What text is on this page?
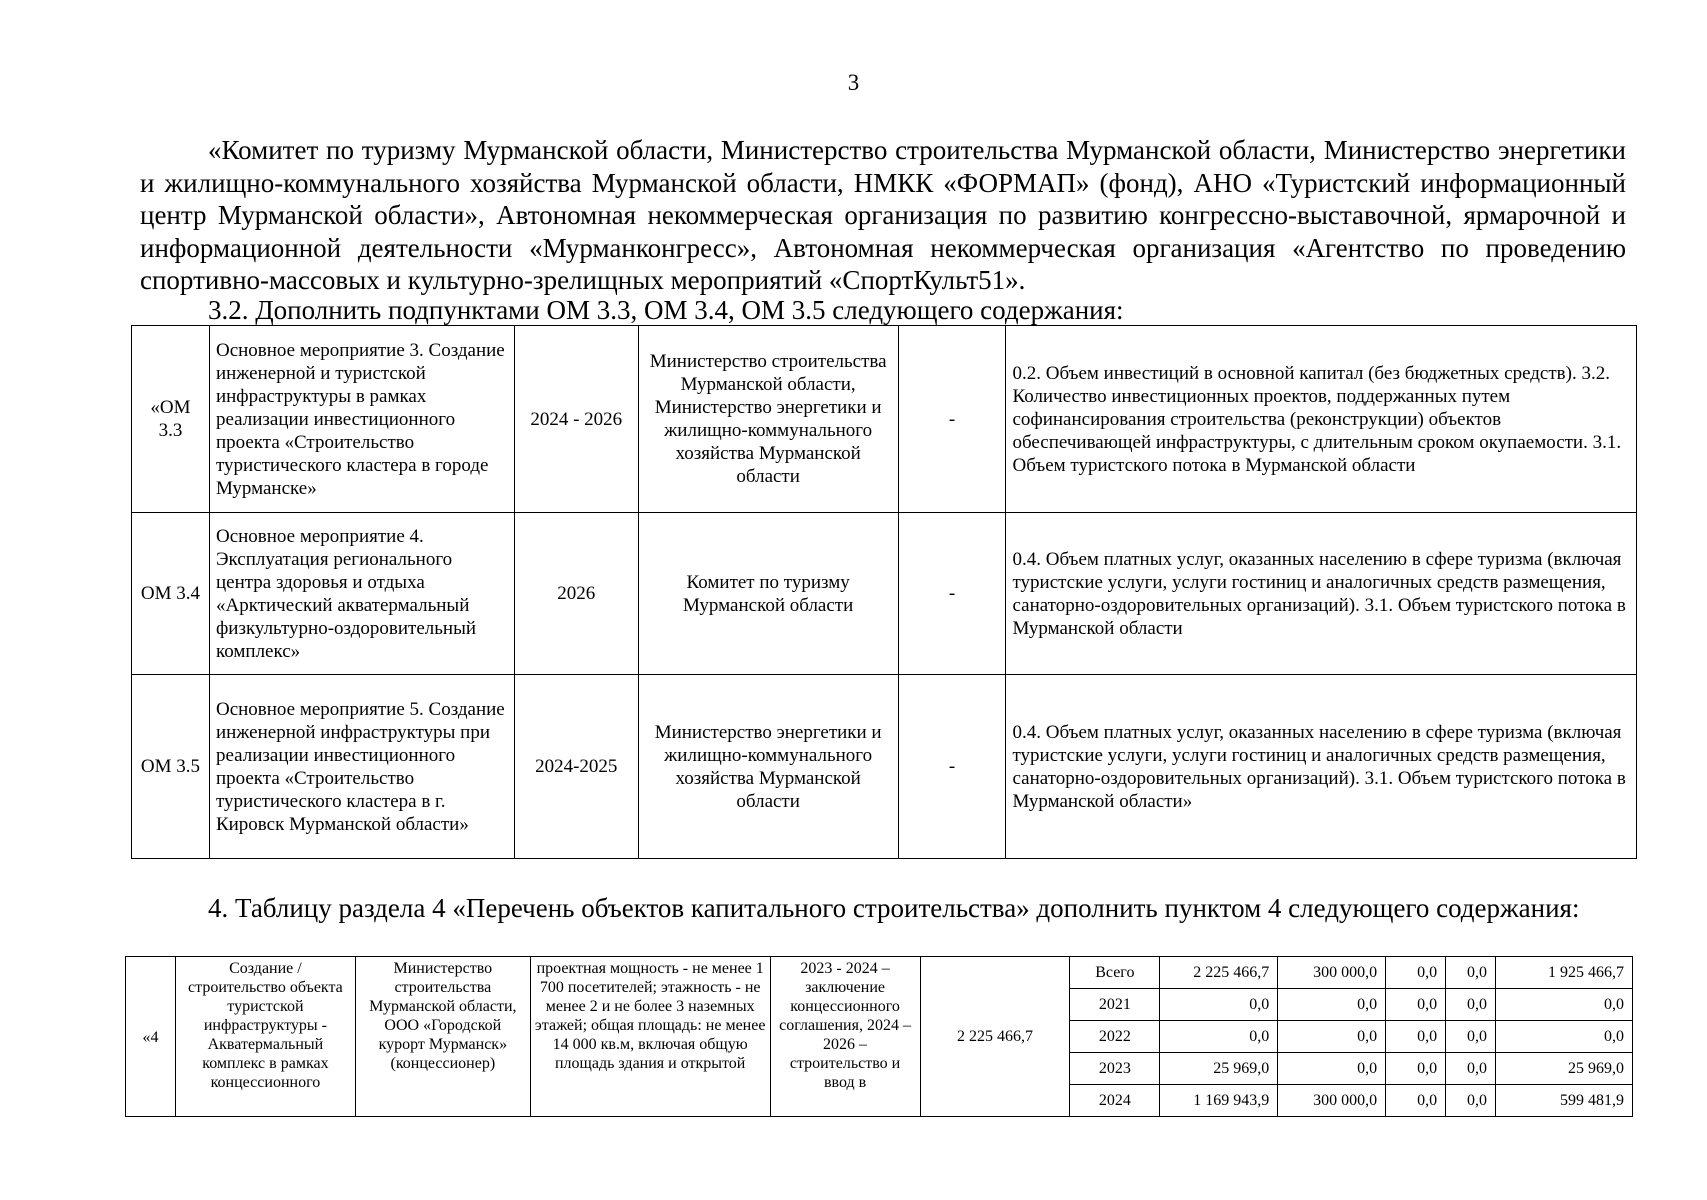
3

«Комитет по туризму Мурманской области, Министерство строительства Мурманской области, Министерство энергетики и жилищно-коммунального хозяйства Мурманской области, НМКК «ФОРМАП» (фонд), АНО «Туристский информационный центр Мурманской области», Автономная некоммерческая организация по развитию конгрессно-выставочной, ярмарочной и информационной деятельности «Мурманконгресс», Автономная некоммерческая организация «Агентство по проведению спортивно-массовых и культурно-зрелищных мероприятий «СпортКульт51».

3.2. Дополнить подпунктами ОМ 3.3, ОМ 3.4, ОМ 3.5 следующего содержания:

«ОМ 3.3	Основное мероприятие 3. Создание инженерной и туристской инфраструктуры в рамках реализации инвестиционного проекта «Строительство туристического кластера в городе Мурманске»	2024 - 2026	Министерство строительства Мурманской области, Министерство энергетики и жилищно-коммунального хозяйства Мурманской области	-	0.2. Объем инвестиций в основной капитал (без бюджетных средств). 3.2. Количество инвестиционных проектов, поддержанных путем софинансирования строительства (реконструкции) объектов обеспечивающей инфраструктуры, с длительным сроком окупаемости. 3.1. Объем туристского потока в Мурманской области
ОМ 3.4	Основное мероприятие 4. Эксплуатация регионального центра здоровья и отдыха «Арктический акватермальный физкультурно-оздоровительный комплекс»	2026	Комитет по туризму Мурманской области	-	0.4. Объем платных услуг, оказанных населению в сфере туризма (включая туристские услуги, услуги гостиниц и аналогичных средств размещения, санаторно-оздоровительных организаций). 3.1. Объем туристского потока в Мурманской области
ОМ 3.5	Основное мероприятие 5. Создание инженерной инфраструктуры при реализации инвестиционного проекта «Строительство туристического кластера в г. Кировск Мурманской области»	2024-2025	Министерство энергетики и жилищно-коммунального хозяйства Мурманской области	-	0.4. Объем платных услуг, оказанных населению в сфере туризма (включая туристские услуги, услуги гостиниц и аналогичных средств размещения, санаторно-оздоровительных организаций). 3.1. Объем туристского потока в Мурманской области»

4. Таблицу раздела 4 «Перечень объектов капитального строительства» дополнить пунктом 4 следующего содержания:

«4	Создание / строительство объекта туристской инфраструктуры - Акватермальный комплекс в рамках концессионного	Министерство строительства Мурманской области, ООО «Городской курорт Мурманск» (концессионер)	проектная мощность - не менее 1 700 посетителей; этажность - не менее 2 и не более 3 наземных этажей; общая площадь: не менее 14 000 кв.м, включая общую площадь здания и открытой	2023 - 2024 – заключение концессионного соглашения, 2024 – 2026 – строительство и ввод в	2 225 466,7	Всего	2 225 466,7	300 000,0	0,0	0,0	1 925 466,7
						2021	0,0	0,0	0,0	0,0	0,0
						2022	0,0	0,0	0,0	0,0	0,0
						2023	25 969,0	0,0	0,0	0,0	25 969,0
						2024	1 169 943,9	300 000,0	0,0	0,0	599 481,9
